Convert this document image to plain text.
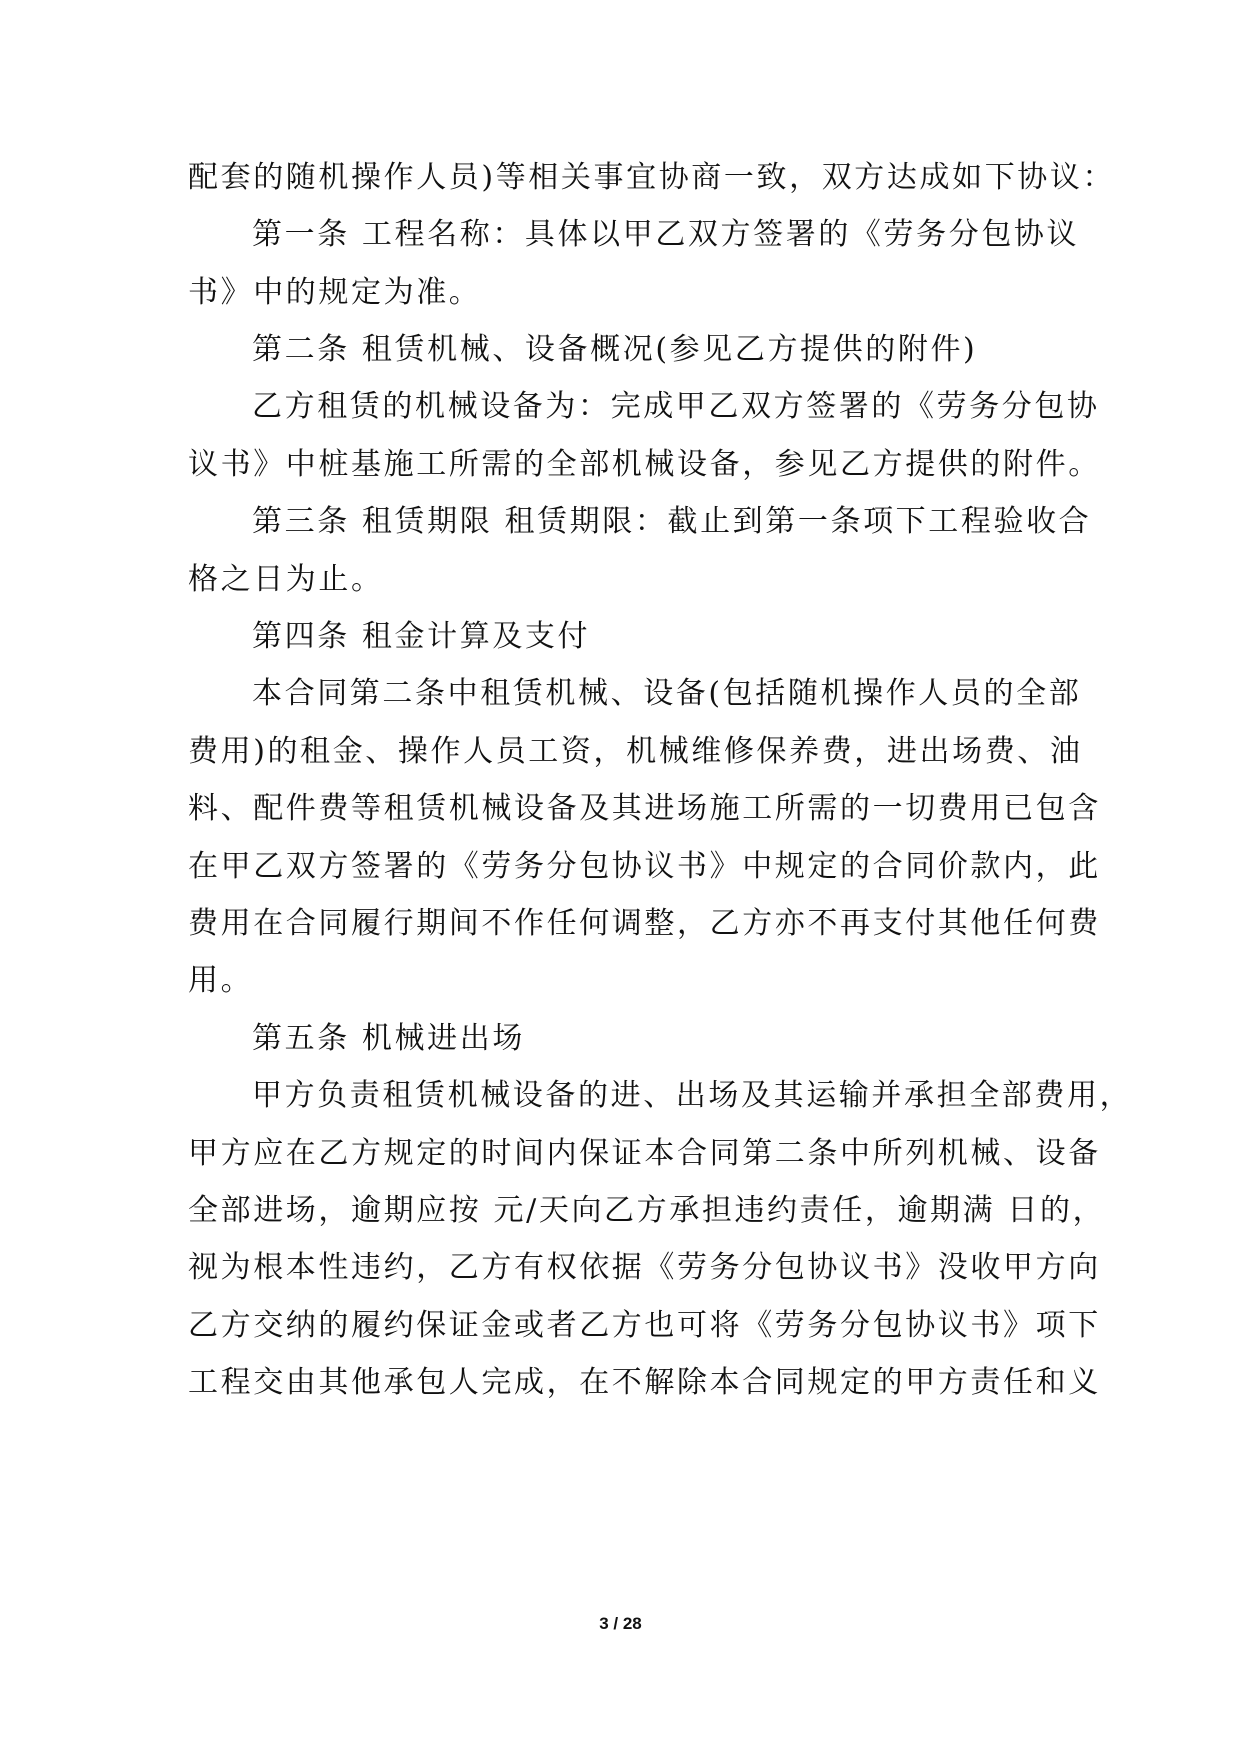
配套的随机操作人员)等相关事宜协商一致，双方达成如下协议：
第一条 工程名称：具体以甲乙双方签署的《劳务分包协议
书》中的规定为准。
第二条 租赁机械、设备概况(参见乙方提供的附件)
乙方租赁的机械设备为：完成甲乙双方签署的《劳务分包协
议书》中桩基施工所需的全部机械设备，参见乙方提供的附件。
第三条 租赁期限 租赁期限：截止到第一条项下工程验收合
格之日为止。
第四条 租金计算及支付
本合同第二条中租赁机械、设备(包括随机操作人员的全部
费用)的租金、操作人员工资，机械维修保养费，进出场费、油
料、配件费等租赁机械设备及其进场施工所需的一切费用已包含
在甲乙双方签署的《劳务分包协议书》中规定的合同价款内，此
费用在合同履行期间不作任何调整，乙方亦不再支付其他任何费
用。
第五条 机械进出场
甲方负责租赁机械设备的进、出场及其运输并承担全部费用，
甲方应在乙方规定的时间内保证本合同第二条中所列机械、设备
全部进场，逾期应按 元/天向乙方承担违约责任，逾期满 日的，
视为根本性违约，乙方有权依据《劳务分包协议书》没收甲方向
乙方交纳的履约保证金或者乙方也可将《劳务分包协议书》项下
工程交由其他承包人完成，在不解除本合同规定的甲方责任和义
3 / 28
